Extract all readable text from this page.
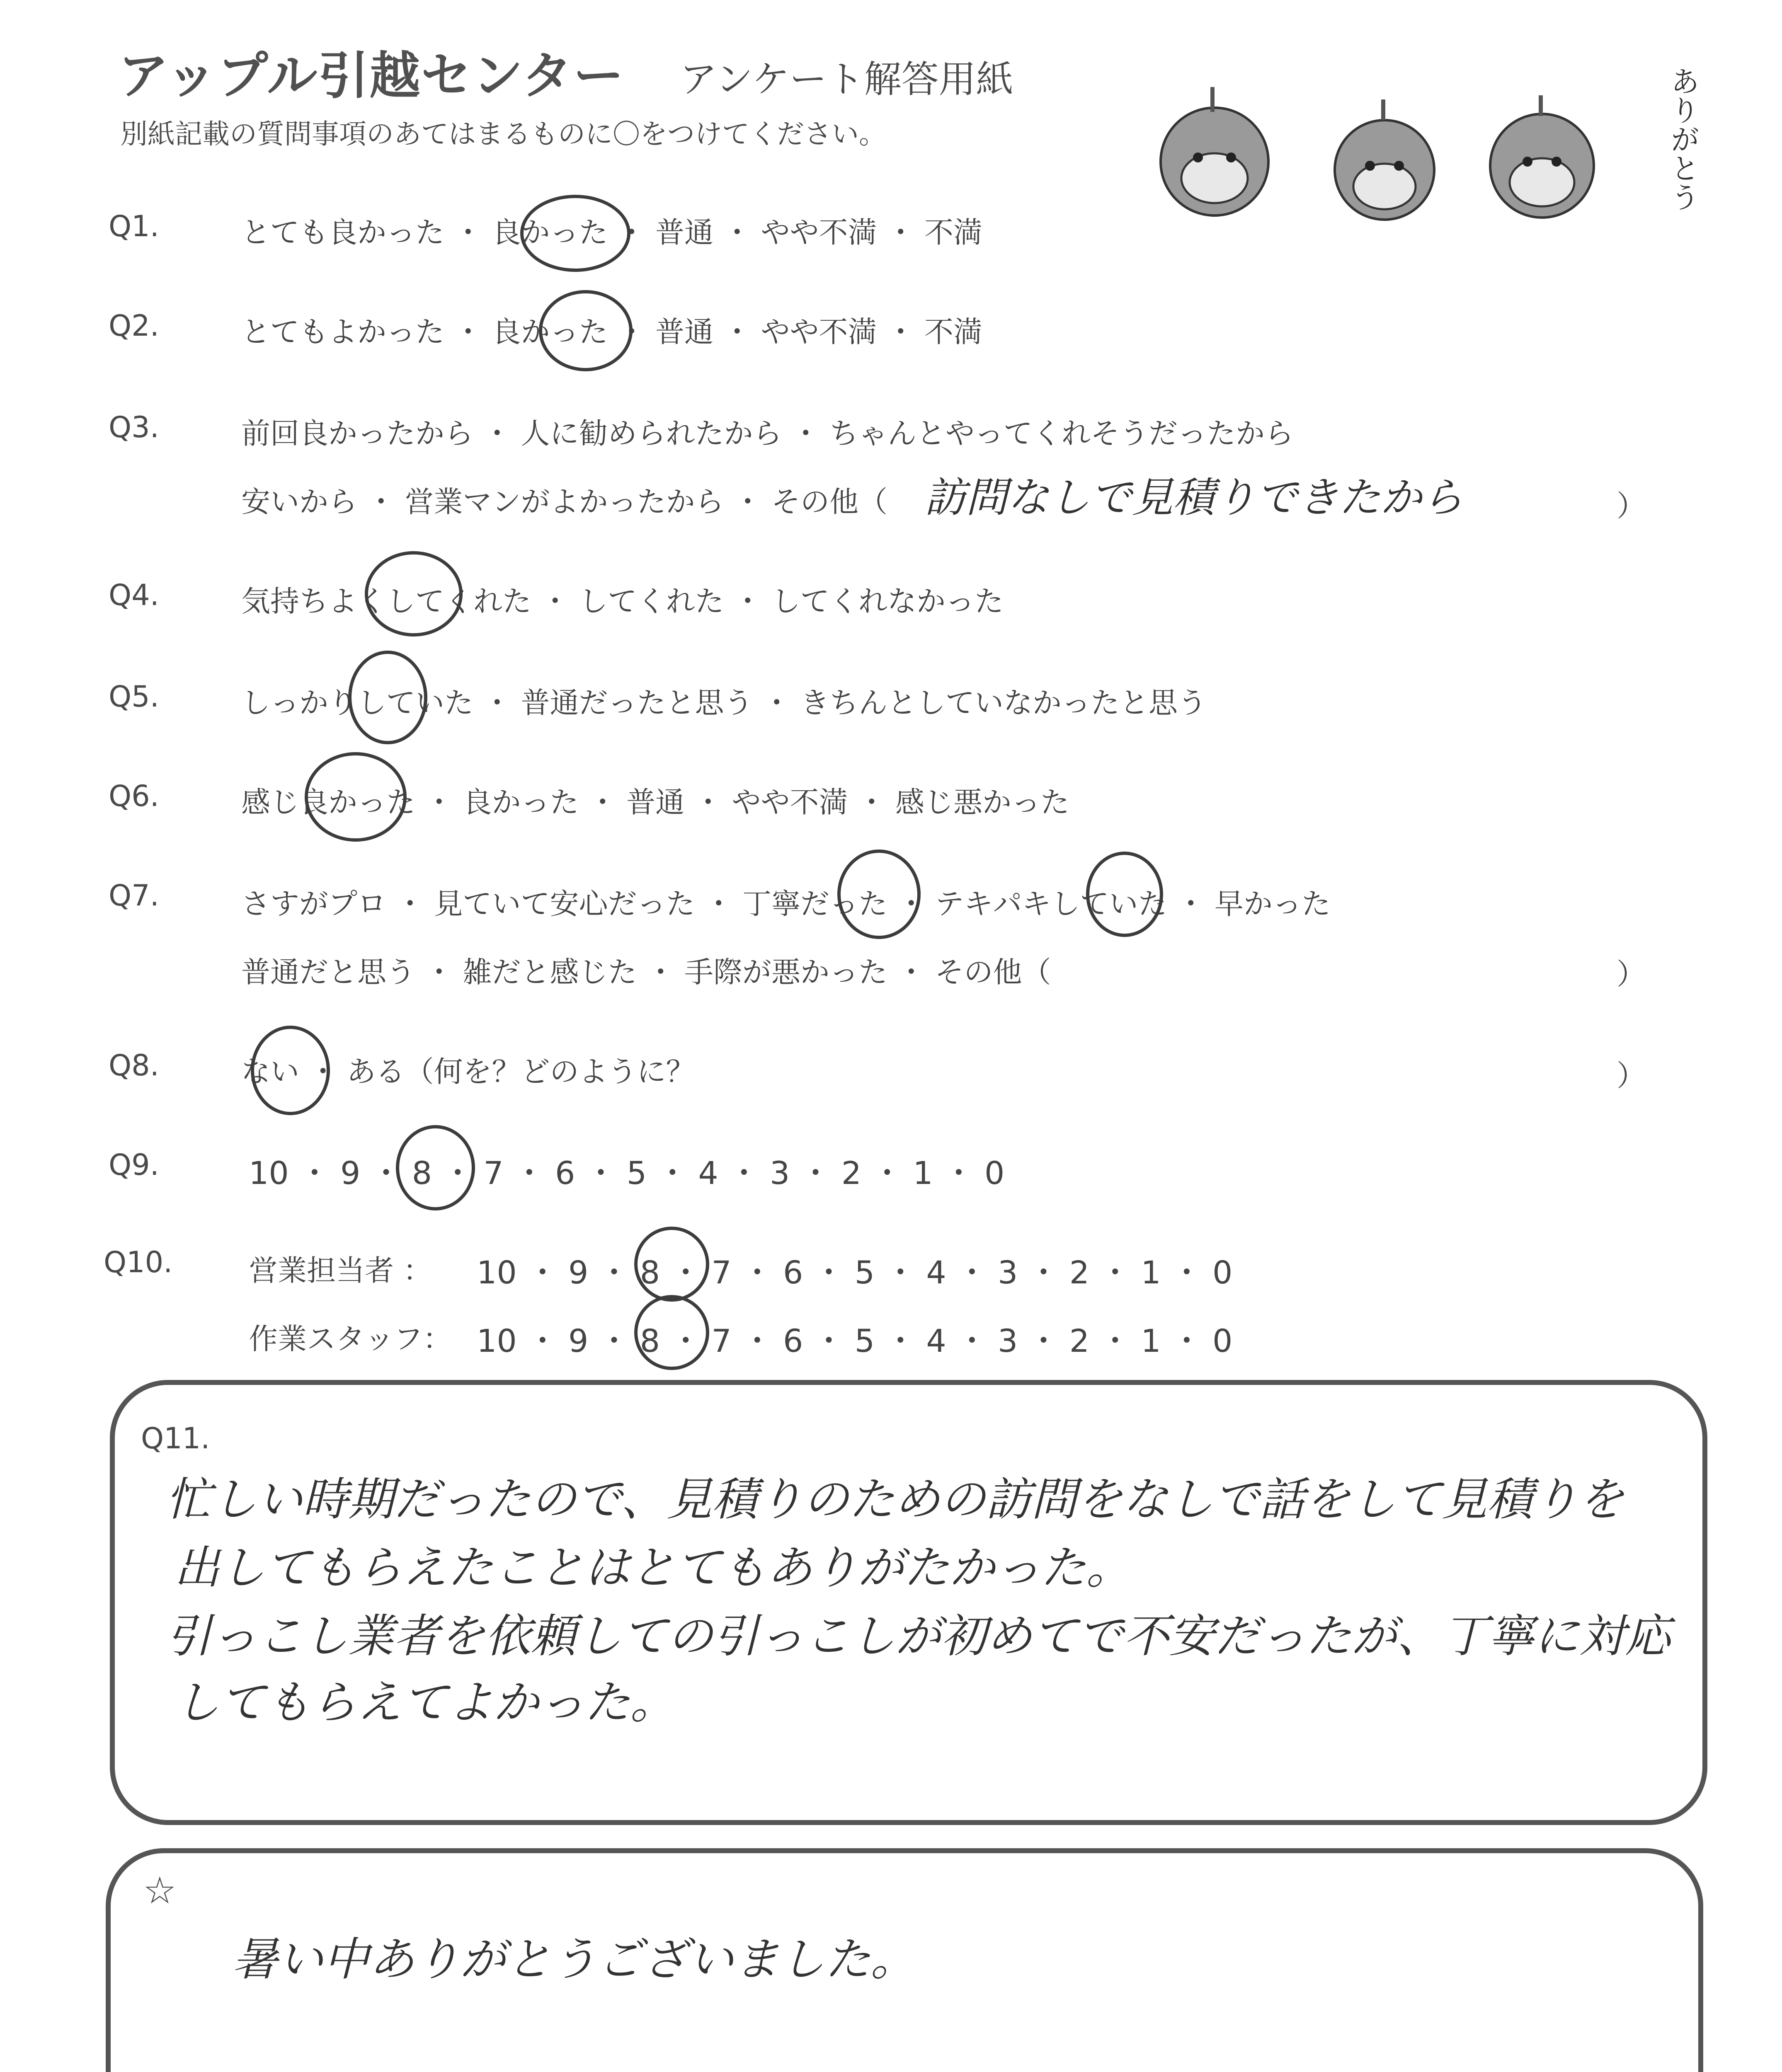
アップル引越センター アンケート解答用紙
別紙記載の質問事項のあてはまるものに〇をつけてください。	ありがとう
Q1.	とても良かった ・ 良かった ・ 普通 ・ やや不満 ・ 不満
Q2.	とてもよかった ・ 良かった ・ 普通 ・ やや不満 ・ 不満
Q3.	前回良かったから ・ 人に勧められたから ・ ちゃんとやってくれそうだったから
安いから ・ 営業マンがよかったから ・ その他（ 訪問なしで見積りできたから	）
Q4.	気持ちよくしてくれた ・ してくれた ・ してくれなかった
Q5.	しっかりしていた ・ 普通だったと思う ・ きちんとしていなかったと思う
Q6.	感じ良かった ・ 良かった ・ 普通 ・ やや不満 ・ 感じ悪かった
Q7.	さすがプロ ・ 見ていて安心だった ・ 丁寧だった ・ テキパキしていた ・ 早かった
普通だと思う ・ 雑だと感じた ・ 手際が悪かった ・ その他（	）
Q8.	ない ・ ある（何を？どのように？	）
Q9.	10 ・ 9 ・ 8 ・ 7 ・ 6 ・ 5 ・ 4 ・ 3 ・ 2 ・ 1 ・ 0
Q10.	営業担当者 ： 10 ・ 9 ・ 8 ・ 7 ・ 6 ・ 5 ・ 4 ・ 3 ・ 2 ・ 1 ・ 0
作業スタッフ： 10 ・ 9 ・ 8 ・ 7 ・ 6 ・ 5 ・ 4 ・ 3 ・ 2 ・ 1 ・ 0
Q11.
忙しい時期だったので、見積りのための訪問をなしで話をして見積りを
出してもらえたことはとてもありがたかった。
引っこし業者を依頼しての引っこしが初めてで不安だったが、丁寧に対応
してもらえてよかった。
☆
暑い中ありがとうございました。
